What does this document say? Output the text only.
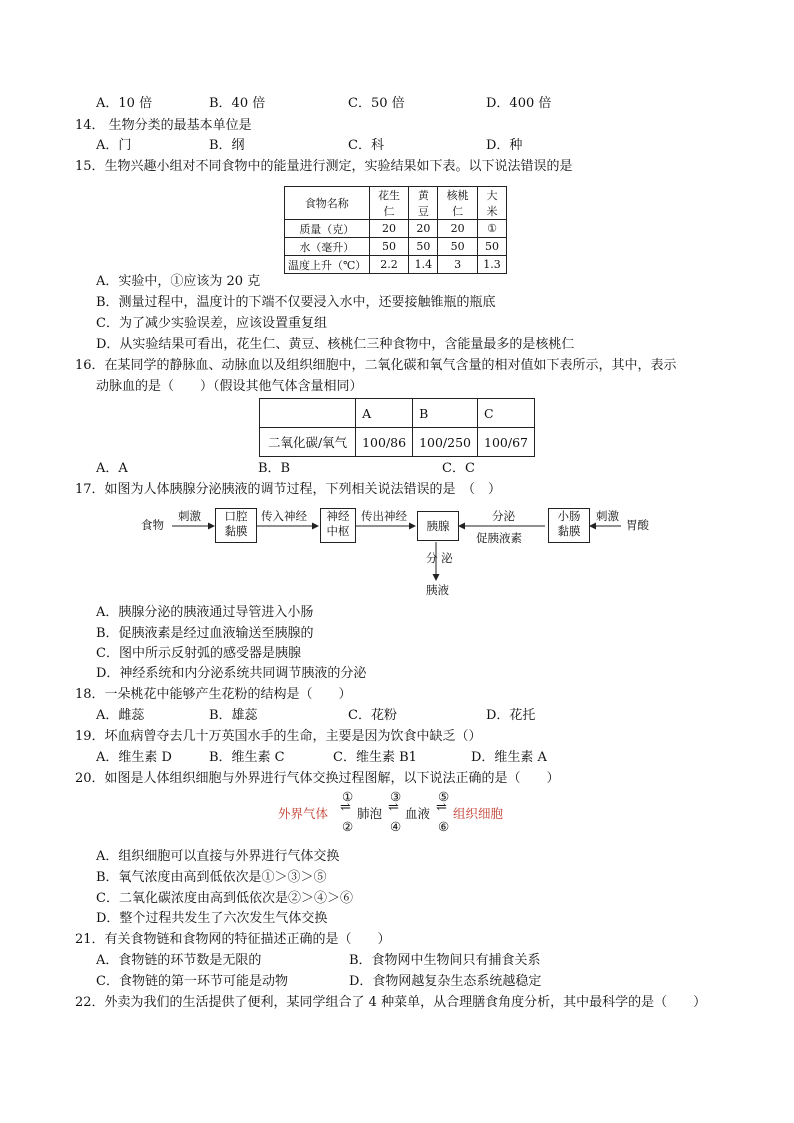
A．10 倍	B．40 倍	C．50 倍	D．400 倍
14． 生物分类的最基本单位是
A．门	B．纲	C．科	D．种
15．生物兴趣小组对不同食物中的能量进行测定，实验结果如下表。以下说法错误的是
食物名称	花生仁	黄豆	核桃仁	大米
质量（克）	20	20	20	①
水（毫升）	50	50	50	50
温度上升（℃）	2.2	1.4	3	1.3
A．实验中，①应该为 20 克
B．测量过程中，温度计的下端不仅要浸入水中，还要接触锥瓶的瓶底
C．为了减少实验误差，应该设置重复组
D．从实验结果可看出，花生仁、黄豆、核桃仁三种食物中，含能量最多的是核桃仁
16．在某同学的静脉血、动脉血以及组织细胞中，二氧化碳和氧气含量的相对值如下表所示，其中，表示
动脉血的是（　　）（假设其他气体含量相同）
	A	B	C
二氧化碳/氧气	100/86	100/250	100/67
A．A	B．B	C．C
17．如图为人体胰腺分泌胰液的调节过程，下列相关说法错误的是　（　）
食物
刺激	口腔
黏膜
传入神经	神经
中枢
传出神经
胰腺
分泌
促胰液素
小肠
黏膜
刺激
胃酸
分 泌
胰液
A．胰腺分泌的胰液通过导管进入小肠
B．促胰液素是经过血液输送至胰腺的
C．图中所示反射弧的感受器是胰腺
D．神经系统和内分泌系统共同调节胰液的分泌
18．一朵桃花中能够产生花粉的结构是（　　）
A．雌蕊	B．雄蕊	C．花粉	D．花托
19．坏血病曾夺去几十万英国水手的生命，主要是因为饮食中缺乏（）
A．维生素 D	B．维生素 C	C．维生素 B1	D．维生素 A
20．如图是人体组织细胞与外界进行气体交换过程图解，以下说法正确的是（　　）
外界气体
①
②
⇌ 肺泡
③
④
⇌ 血液
⑤
⑥
⇌ 组织细胞
A．组织细胞可以直接与外界进行气体交换
B．氧气浓度由高到低依次是①＞③＞⑤
C．二氧化碳浓度由高到低依次是②＞④＞⑥
D．整个过程共发生了六次发生气体交换
21．有关食物链和食物网的特征描述正确的是（　　）
A．食物链的环节数是无限的	B．食物网中生物间只有捕食关系
C．食物链的第一环节可能是动物	D．食物网越复杂生态系统越稳定
22．外卖为我们的生活提供了便利，某同学组合了 4 种菜单，从合理膳食角度分析，其中最科学的是（　　）
